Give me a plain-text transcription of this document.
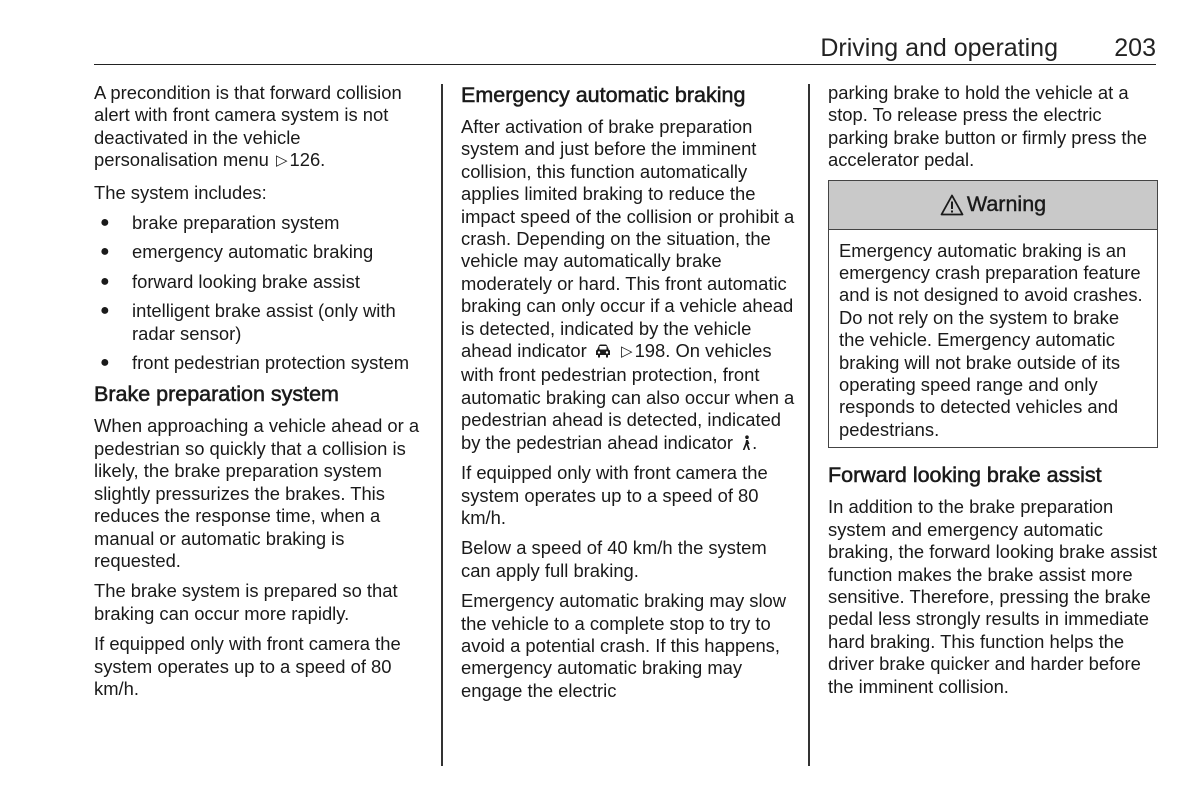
Driving and operating 203

A precondition is that forward collision alert with front camera system is not deactivated in the vehicle personalisation menu ▷ 126.

The system includes:

● brake preparation system
● emergency automatic braking
● forward looking brake assist
● intelligent brake assist (only with radar sensor)
● front pedestrian protection system
Brake preparation system

When approaching a vehicle ahead or a pedestrian so quickly that a collision is likely, the brake preparation system slightly pressurizes the brakes. This reduces the response time, when a manual or automatic braking is requested.

The brake system is prepared so that braking can occur more rapidly.

If equipped only with front camera the system operates up to a speed of 80 km/h.

Emergency automatic braking

After activation of brake preparation system and just before the imminent collision, this function automatically applies limited braking to reduce the impact speed of the collision or prohibit a crash. Depending on the situation, the vehicle may automatically brake moderately or hard. This front automatic braking can only occur if a vehicle ahead is detected, indicated by the vehicle ahead indicator ▷ 198. On vehicles with front pedestrian protection, front automatic braking can also occur when a pedestrian ahead is detected, indicated by the pedestrian ahead indicator .

If equipped only with front camera the system operates up to a speed of 80 km/h.

Below a speed of 40 km/h the system can apply full braking.

Emergency automatic braking may slow the vehicle to a complete stop to try to avoid a potential crash. If this happens, emergency automatic braking may engage the electric

parking brake to hold the vehicle at a stop. To release press the electric parking brake button or firmly press the accelerator pedal.

Warning

Emergency automatic braking is an emergency crash preparation feature and is not designed to avoid crashes. Do not rely on the system to brake the vehicle. Emergency automatic braking will not brake outside of its operating speed range and only responds to detected vehicles and pedestrians.

Forward looking brake assist

In addition to the brake preparation system and emergency automatic braking, the forward looking brake assist function makes the brake assist more sensitive. Therefore, pressing the brake pedal less strongly results in immediate hard braking. This function helps the driver brake quicker and harder before the imminent collision.
